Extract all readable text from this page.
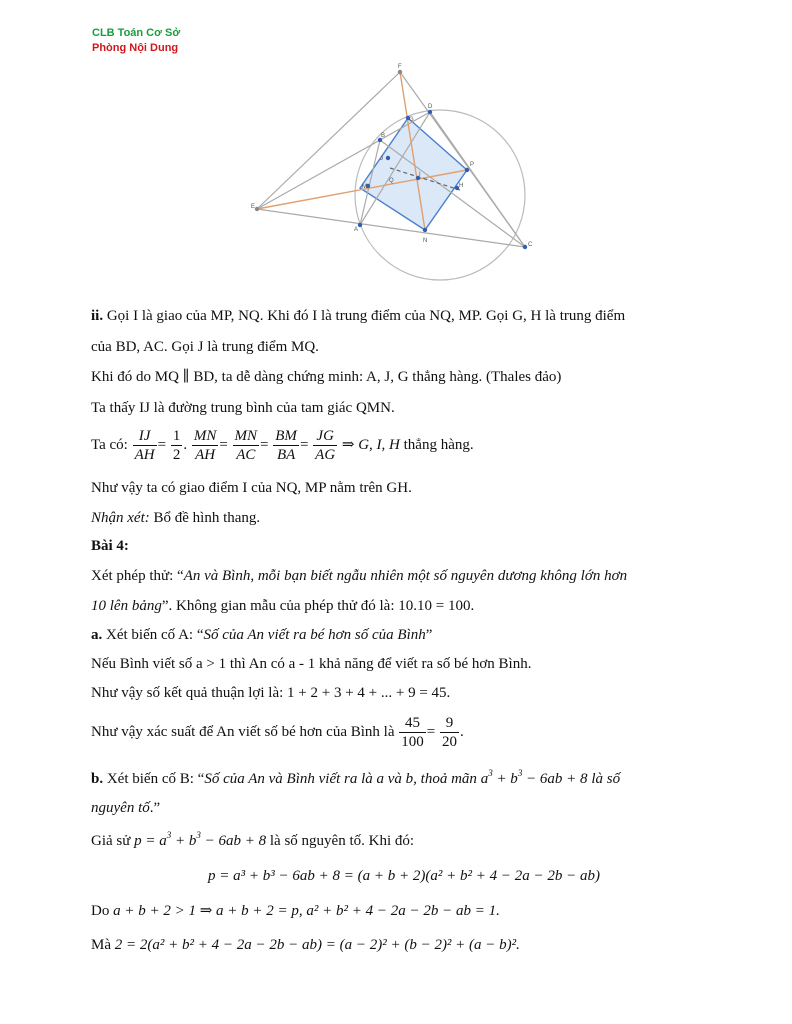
CLB Toán Cơ Sở
Phòng Nội Dung
F
D
G
B
J
P
M
I
H
A
N
C
E
Q
ii. Gọi I là giao của MP, NQ. Khi đó I là trung điểm của NQ, MP. Gọi G, H là trung điểm
của BD, AC. Gọi J là trung điểm MQ.
Khi đó do MQ ∥ BD, ta dễ dàng chứng minh: A, J, G thẳng hàng. (Thales đảo)
Ta thấy IJ là đường trung bình của tam giác QMN.
Ta có: $\frac{IJ}{AH} = \frac{1}{2}$ . $\frac{MN}{AH} = \frac{MN}{AC} = \frac{BM}{BA} = \frac{JG}{AG}$ ⇒ G, I, H thẳng hàng.
Như vậy ta có giao điểm I của NQ, MP nằm trên GH.
Nhận xét: Bổ đề hình thang.
Bài 4:
Xét phép thử: “An và Bình, mỗi bạn biết ngẫu nhiên một số nguyên dương không lớn hơn
10 lên bảng”. Không gian mẫu của phép thử đó là: 10.10 = 100.
a. Xét biến cố A: “Số của An viết ra bé hơn số của Bình”
Nếu Bình viết số a > 1 thì An có a - 1 khả năng để viết ra số bé hơn Bình.
Như vậy số kết quả thuận lợi là: 1 + 2 + 3 + 4 + ... + 9 = 45.
Như vậy xác suất để An viết số bé hơn của Bình là $\frac{45}{100} = \frac{9}{20}$ .
b. Xét biến cố B: “Số của An và Bình viết ra là a và b, thoả mãn $a^3 + b^3 - 6ab + 8$ là số
nguyên tố.”
Giả sử $p = a^3 + b^3 - 6ab + 8$ là số nguyên tố. Khi đó:
p = a³ + b³ − 6ab + 8 = (a + b + 2)(a² + b² + 4 − 2a − 2b − ab)
Do a + b + 2 > 1 ⇒ a + b + 2 = p, a² + b² + 4 − 2a − 2b − ab = 1.
Mà 2 = 2(a² + b² + 4 − 2a − 2b − ab) = (a − 2)² + (b − 2)² + (a − b)².
